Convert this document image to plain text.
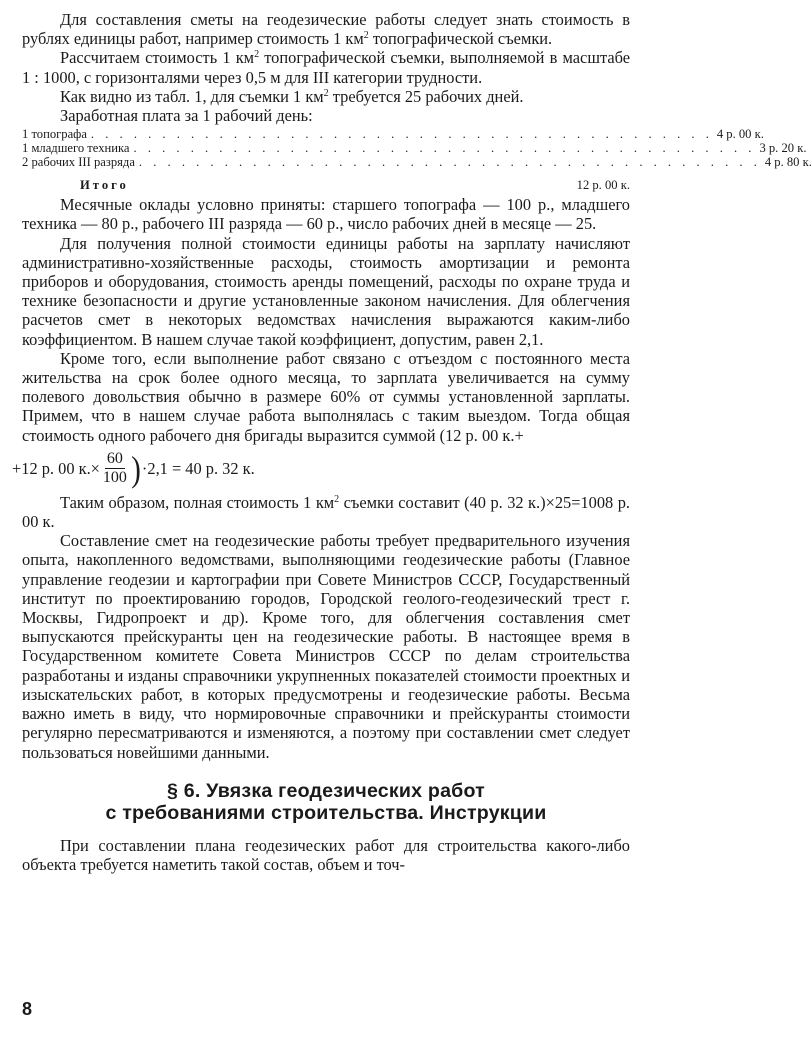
Для составления сметы на геодезические работы следует знать стоимость в рублях единицы работ, например стоимость 1 $км^2$ топографической съемки.

Рассчитаем стоимость 1 $км^2$ топографической съемки, выполняемой в масштабе 1 : 1000, с горизонталями через 0,5 м для III категории трудности.

Как видно из табл. 1, для съемки 1 $км^2$ требуется 25 рабочих дней.

Заработная плата за 1 рабочий день:

1 топографа . . . . . . . . . . . . . . . . . . . . . . . . . . . . . . . . . . . . . . . . . . . . 4 р. 00 к.
1 младшего техника . . . . . . . . . . . . . . . . . . . . . . . . . . . . . . . . . . . . . . . . . . . . 3 р. 20 к.
2 рабочих III разряда . . . . . . . . . . . . . . . . . . . . . . . . . . . . . . . . . . . . . . . . . . . . 4 р. 80 к.
Итого	12 р. 00 к.

Месячные оклады условно приняты: старшего топографа — 100 р., младшего техника — 80 р., рабочего III разряда — 60 р., число рабочих дней в месяце — 25.

Для получения полной стоимости единицы работы на зарплату начисляют административно-хозяйственные расходы, стоимость амортизации и ремонта приборов и оборудования, стоимость аренды помещений, расходы по охране труда и технике безопасности и другие установленные законом начисления. Для облегчения расчетов смет в некоторых ведомствах начисления выражаются каким-либо коэффициентом. В нашем случае такой коэффициент, допустим, равен 2,1.

Кроме того, если выполнение работ связано с отъездом с постоянного места жительства на срок более одного месяца, то зарплата увеличивается на сумму полевого довольствия обычно в размере 60% от суммы установленной зарплаты. Примем, что в нашем случае работа выполнялась с таким выездом. Тогда общая стоимость одного рабочего дня бригады выразится суммой (12 р. 00 к.+

+12 р. 00 $к.\times \frac{60}{100}$ ) ·2,1 = 40 р. 32 к.

Таким образом, полная стоимость 1 $км^2$ съемки составит (40 р. 32 к.)×25=1008 р. 00 к.

Составление смет на геодезические работы требует предварительного изучения опыта, накопленного ведомствами, выполняющими геодезические работы (Главное управление геодезии и картографии при Совете Министров СССР, Государственный институт по проектированию городов, Городской геолого-геодезический трест г. Москвы, Гидропроект и др). Кроме того, для облегчения составления смет выпускаются прейскуранты цен на геодезические работы. В настоящее время в Государственном комитете Совета Министров СССР по делам строительства разработаны и изданы справочники укрупненных показателей стоимости проектных и изыскательских работ, в которых предусмотрены и геодезические работы. Весьма важно иметь в виду, что нормировочные справочники и прейскуранты стоимости регулярно пересматриваются и изменяются, а поэтому при составлении смет следует пользоваться новейшими данными.

§ 6. Увязка геодезических работ
с требованиями строительства. Инструкции

При составлении плана геодезических работ для строительства какого-либо объекта требуется наметить такой состав, объем и точ-

8
